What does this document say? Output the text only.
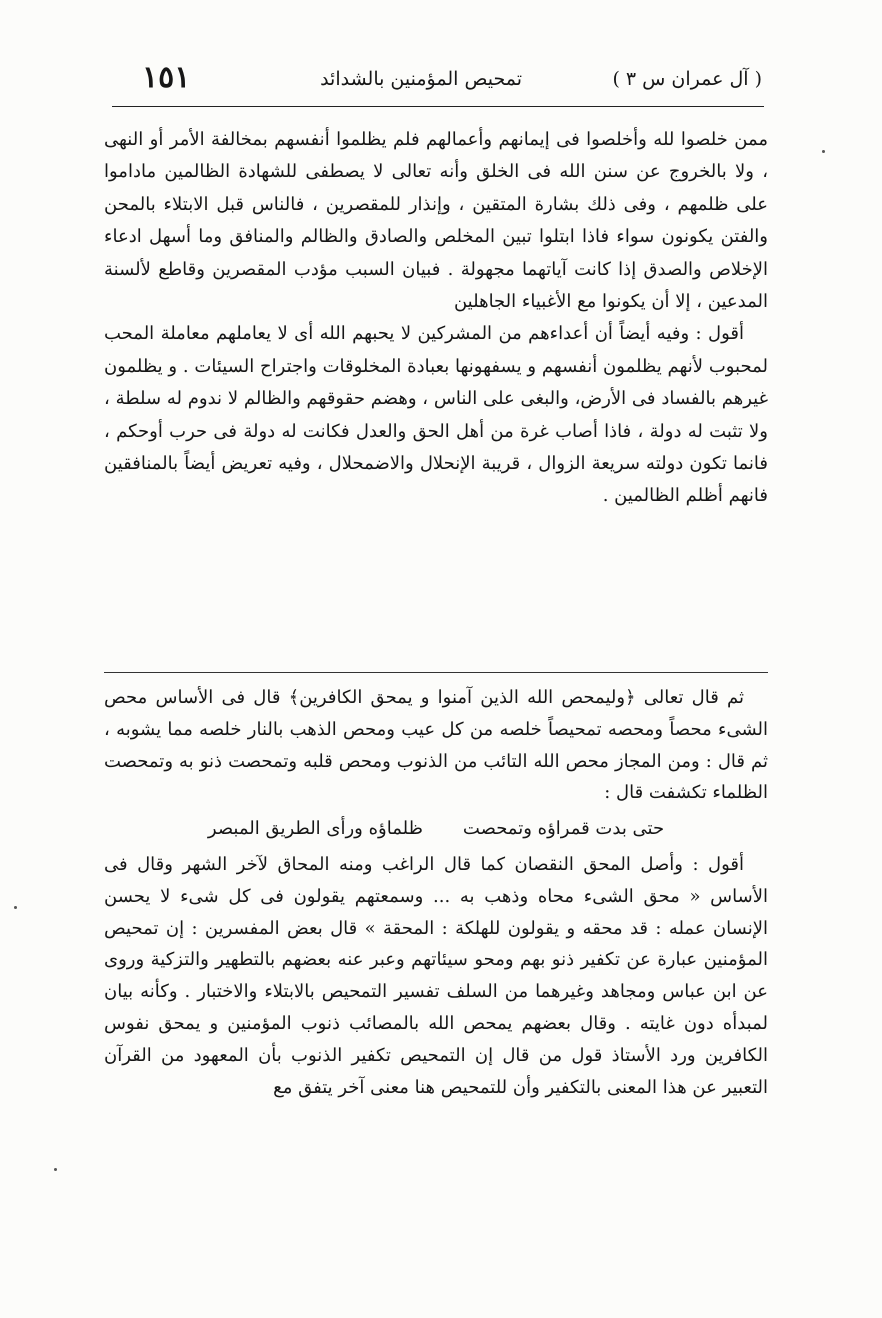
( آل عمران س ٣ )
تمحيص المؤمنين بالشدائد
١٥١

ممن خلصوا لله وأخلصوا فى إيمانهم وأعمالهم فلم يظلموا أنفسهم بمخالفة الأمر أو النهى ، ولا بالخروج عن سنن الله فى الخلق وأنه تعالى لا يصطفى للشهادة الظالمين ماداموا على ظلمهم ، وفى ذلك بشارة المتقين ، وإنذار للمقصرين ، فالناس قبل الابتلاء بالمحن والفتن يكونون سواء فاذا ابتلوا تبين المخلص والصادق والظالم والمنافق وما أسهل ادعاء الإخلاص والصدق إذا كانت آياتهما مجهولة . فبيان السبب مؤدب المقصرين وقاطع لألسنة المدعين ، إلا أن يكونوا مع الأغبياء الجاهلين

أقول : وفيه أيضاً أن أعداءهم من المشركين لا يحبهم الله أى لا يعاملهم معاملة المحب لمحبوب لأنهم يظلمون أنفسهم و يسفهونها بعبادة المخلوقات واجتراح السيئات . و يظلمون غيرهم بالفساد فى الأرض، والبغى على الناس ، وهضم حقوقهم والظالم لا ندوم له سلطة ، ولا تثبت له دولة ، فاذا أصاب غرة من أهل الحق والعدل فكانت له دولة فى حرب أوحكم ، فانما تكون دولته سريعة الزوال ، قريبة الإنحلال والاضمحلال ، وفيه تعريض أيضاً بالمنافقين فانهم أظلم الظالمين .

ثم قال تعالى ﴿وليمحص الله الذين آمنوا و يمحق الكافرين﴾ قال فى الأساس محص الشىء محصاً ومحصه تمحيصاً خلصه من كل عيب ومحص الذهب بالنار خلصه مما يشوبه ، ثم قال : ومن المجاز محص الله التائب من الذنوب ومحص قلبه وتمحصت ذنو به وتمحصت الظلماء تكشفت قال :

حتى بدت قمراؤه وتمحصت
ظلماؤه ورأى الطريق المبصر

أقول : وأصل المحق النقصان كما قال الراغب ومنه المحاق لآخر الشهر وقال فى الأساس « محق الشىء محاه وذهب به ... وسمعتهم يقولون فى كل شىء لا يحسن الإنسان عمله : قد محقه و يقولون للهلكة : المحقة » قال بعض المفسرين : إن تمحيص المؤمنين عبارة عن تكفير ذنو بهم ومحو سيئاتهم وعبر عنه بعضهم بالتطهير والتزكية وروى عن ابن عباس ومجاهد وغيرهما من السلف تفسير التمحيص بالابتلاء والاختبار . وكأنه بيان لمبدأه دون غايته . وقال بعضهم يمحص الله بالمصائب ذنوب المؤمنين و يمحق نفوس الكافرين ورد الأستاذ قول من قال إن التمحيص تكفير الذنوب بأن المعهود من القرآن التعبير عن هذا المعنى بالتكفير وأن للتمحيص هنا معنى آخر يتفق مع
